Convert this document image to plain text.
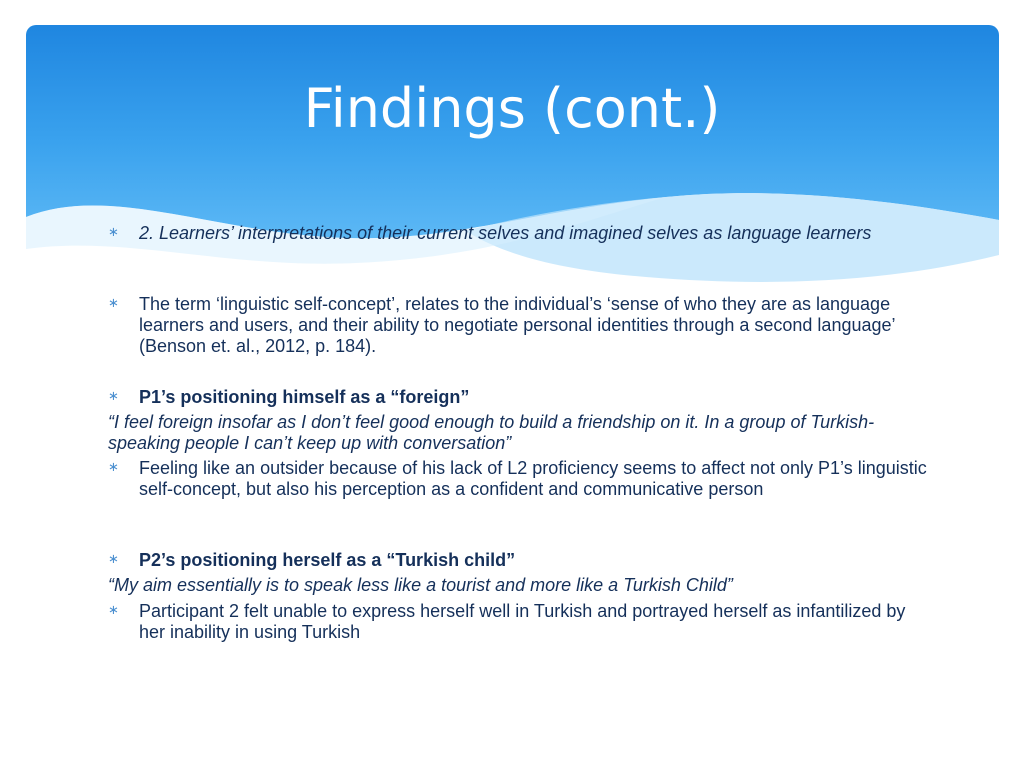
Findings (cont.)
∗ 2. Learners’ interpretations of their current selves and imagined selves as language learners

∗ The term ‘linguistic self-concept’, relates to the individual’s ‘sense of who they are as language learners and users, and their ability to negotiate personal identities through a second language’ (Benson et. al., 2012, p. 184).

∗ P1’s positioning himself as a “foreign”

“I feel foreign insofar as I don’t feel good enough to build a friendship on it. In a group of Turkish-speaking people I can’t keep up with conversation”

∗ Feeling like an outsider because of his lack of L2 proficiency seems to affect not only P1’s linguistic self-concept, but also his perception as a confident and communicative person

∗ P2’s positioning herself as a “Turkish child”

“My aim essentially is to speak less like a tourist and more like a Turkish Child”

∗ Participant 2 felt unable to express herself well in Turkish and portrayed herself as infantilized by her inability in using Turkish
